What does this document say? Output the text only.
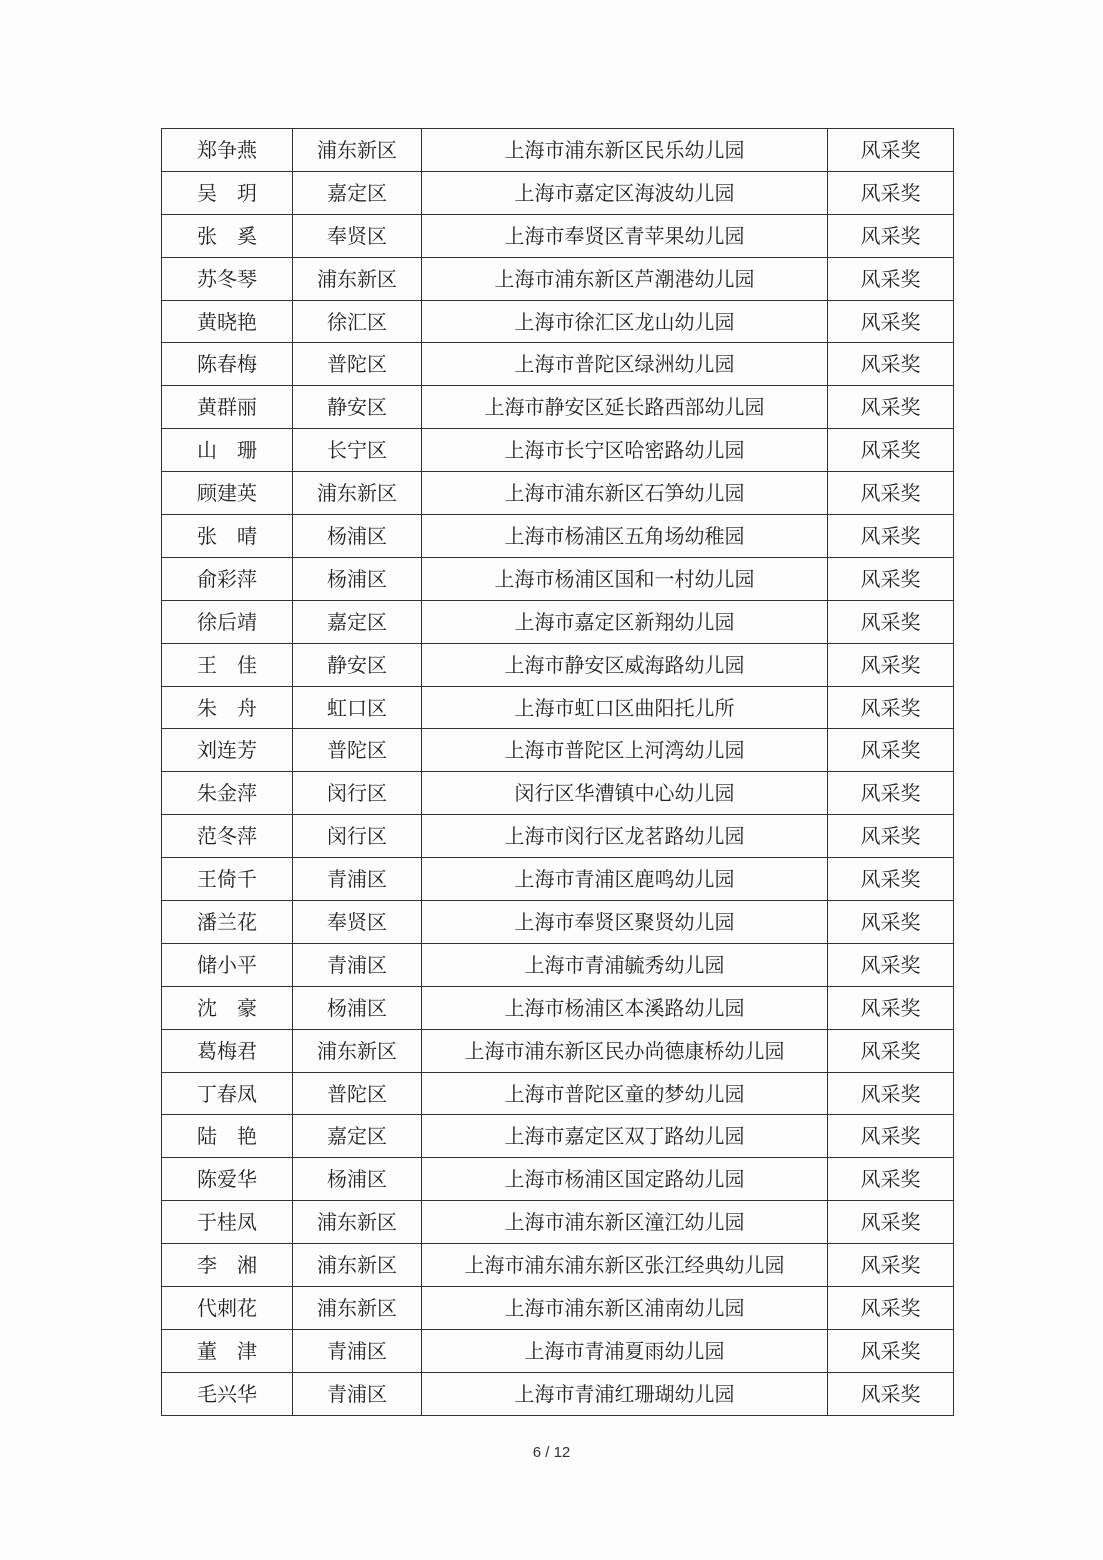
郑争燕	浦东新区	上海市浦东新区民乐幼儿园	风采奖
吴　玥	嘉定区	上海市嘉定区海波幼儿园	风采奖
张　奚	奉贤区	上海市奉贤区青苹果幼儿园	风采奖
苏冬琴	浦东新区	上海市浦东新区芦潮港幼儿园	风采奖
黄晓艳	徐汇区	上海市徐汇区龙山幼儿园	风采奖
陈春梅	普陀区	上海市普陀区绿洲幼儿园	风采奖
黄群丽	静安区	上海市静安区延长路西部幼儿园	风采奖
山　珊	长宁区	上海市长宁区哈密路幼儿园	风采奖
顾建英	浦东新区	上海市浦东新区石笋幼儿园	风采奖
张　晴	杨浦区	上海市杨浦区五角场幼稚园	风采奖
俞彩萍	杨浦区	上海市杨浦区国和一村幼儿园	风采奖
徐后靖	嘉定区	上海市嘉定区新翔幼儿园	风采奖
王　佳	静安区	上海市静安区威海路幼儿园	风采奖
朱　舟	虹口区	上海市虹口区曲阳托儿所	风采奖
刘连芳	普陀区	上海市普陀区上河湾幼儿园	风采奖
朱金萍	闵行区	闵行区华漕镇中心幼儿园	风采奖
范冬萍	闵行区	上海市闵行区龙茗路幼儿园	风采奖
王倚千	青浦区	上海市青浦区鹿鸣幼儿园	风采奖
潘兰花	奉贤区	上海市奉贤区聚贤幼儿园	风采奖
储小平	青浦区	上海市青浦毓秀幼儿园	风采奖
沈　豪	杨浦区	上海市杨浦区本溪路幼儿园	风采奖
葛梅君	浦东新区	上海市浦东新区民办尚德康桥幼儿园	风采奖
丁春凤	普陀区	上海市普陀区童的梦幼儿园	风采奖
陆　艳	嘉定区	上海市嘉定区双丁路幼儿园	风采奖
陈爱华	杨浦区	上海市杨浦区国定路幼儿园	风采奖
于桂凤	浦东新区	上海市浦东新区潼江幼儿园	风采奖
李　湘	浦东新区	上海市浦东浦东新区张江经典幼儿园	风采奖
代刺花	浦东新区	上海市浦东新区浦南幼儿园	风采奖
董　津	青浦区	上海市青浦夏雨幼儿园	风采奖
毛兴华	青浦区	上海市青浦红珊瑚幼儿园	风采奖
6 / 12
